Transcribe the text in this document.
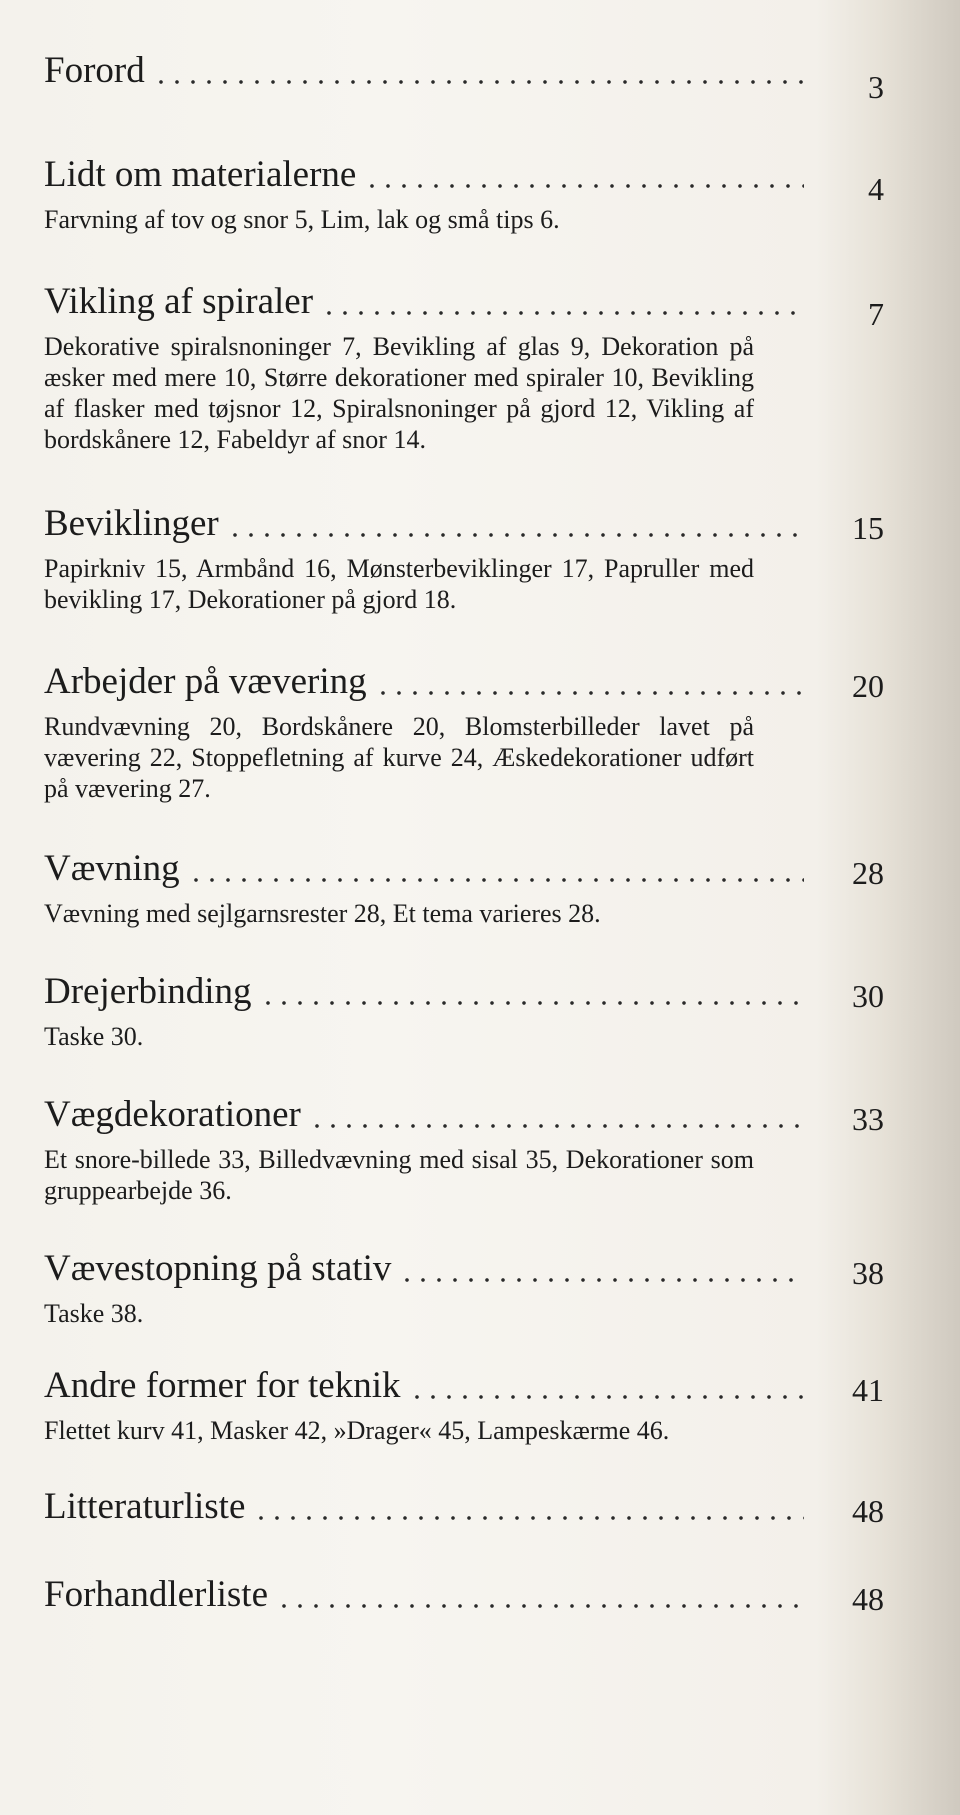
Forord	3
Lidt om materialerne	4
Farvning af tov og snor 5, Lim, lak og små tips 6.
Vikling af spiraler	7
Dekorative spiralsnoninger 7, Bevikling af glas 9, Dekoration på æsker med mere 10, Større dekorationer med spiraler 10, Bevikling af flasker med tøjsnor 12, Spiralsnoninger på gjord 12, Vikling af bordskånere 12, Fabeldyr af snor 14.
Beviklinger	15
Papirkniv 15, Armbånd 16, Mønsterbeviklinger 17, Papruller med bevikling 17, Dekorationer på gjord 18.
Arbejder på vævering	20
Rundvævning 20, Bordskånere 20, Blomsterbilleder lavet på vævering 22, Stoppefletning af kurve 24, Æskedekorationer udført på vævering 27.
Vævning	28
Vævning med sejlgarnsrester 28, Et tema varieres 28.
Drejerbinding	30
Taske 30.
Vægdekorationer	33
Et snore-billede 33, Billedvævning med sisal 35, Dekorationer som gruppearbejde 36.
Vævestopning på stativ	38
Taske 38.
Andre former for teknik	41
Flettet kurv 41, Masker 42, »Drager« 45, Lampeskærme 46.
Litteraturliste	48
Forhandlerliste	48
